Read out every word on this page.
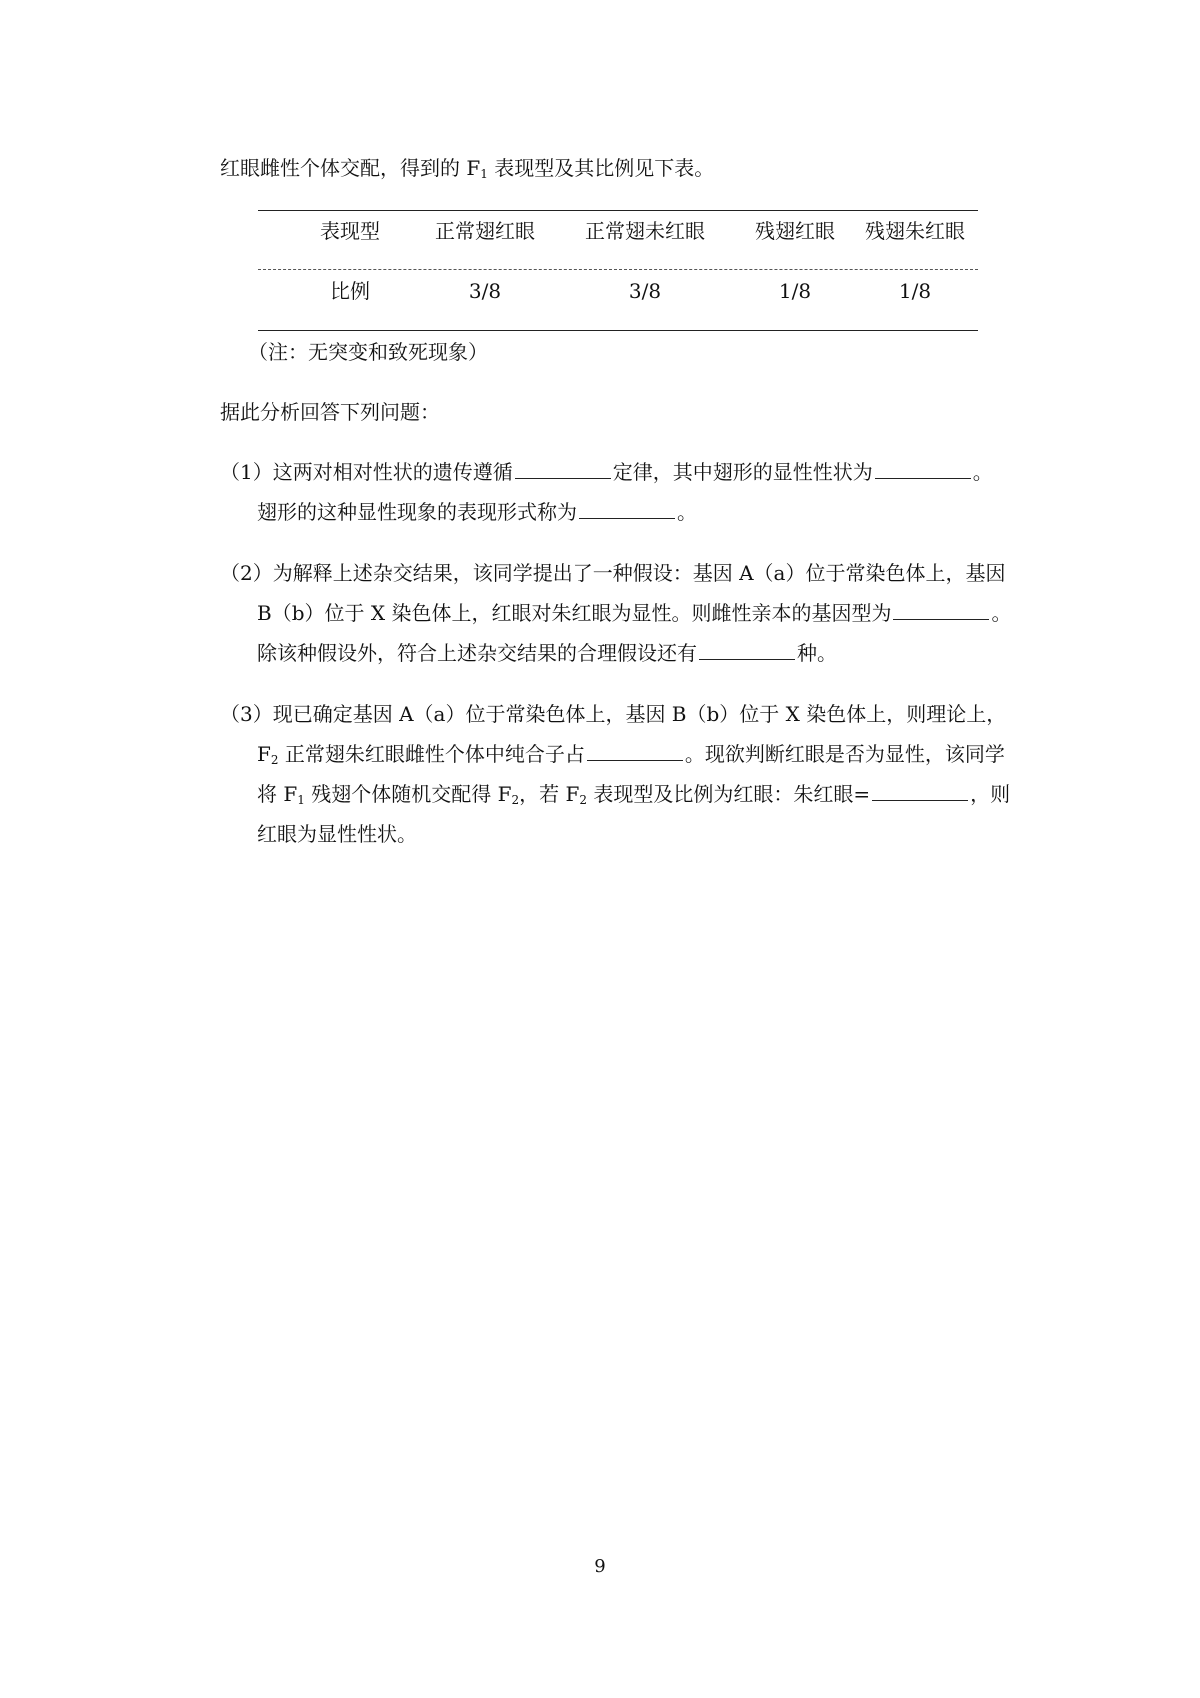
红眼雌性个体交配，得到的 $F_1$ 表现型及其比例见下表。
表现型	正常翅红眼	正常翅未红眼	残翅红眼	残翅朱红眼
比例	3/8	3/8	1/8	1/8
（注：无突变和致死现象）
据此分析回答下列问题：
（1）这两对相对性状的遗传遵循	定律，其中翅形的显性性状为	。
翅形的这种显性现象的表现形式称为	。
（2）为解释上述杂交结果，该同学提出了一种假设：基因 A（a）位于常染色体上，基因
B（b）位于 X 染色体上，红眼对朱红眼为显性。则雌性亲本的基因型为	。
除该种假设外，符合上述杂交结果的合理假设还有	种。
（3）现已确定基因 A（a）位于常染色体上，基因 B（b）位于 X 染色体上，则理论上，
$F_2$ 正常翅朱红眼雌性个体中纯合子占	。现欲判断红眼是否为显性，该同学
将 $F_1$ 残翅个体随机交配得 $F_2$，若 $F_2$ 表现型及比例为红眼：朱红眼=	，则
红眼为显性性状。
9
